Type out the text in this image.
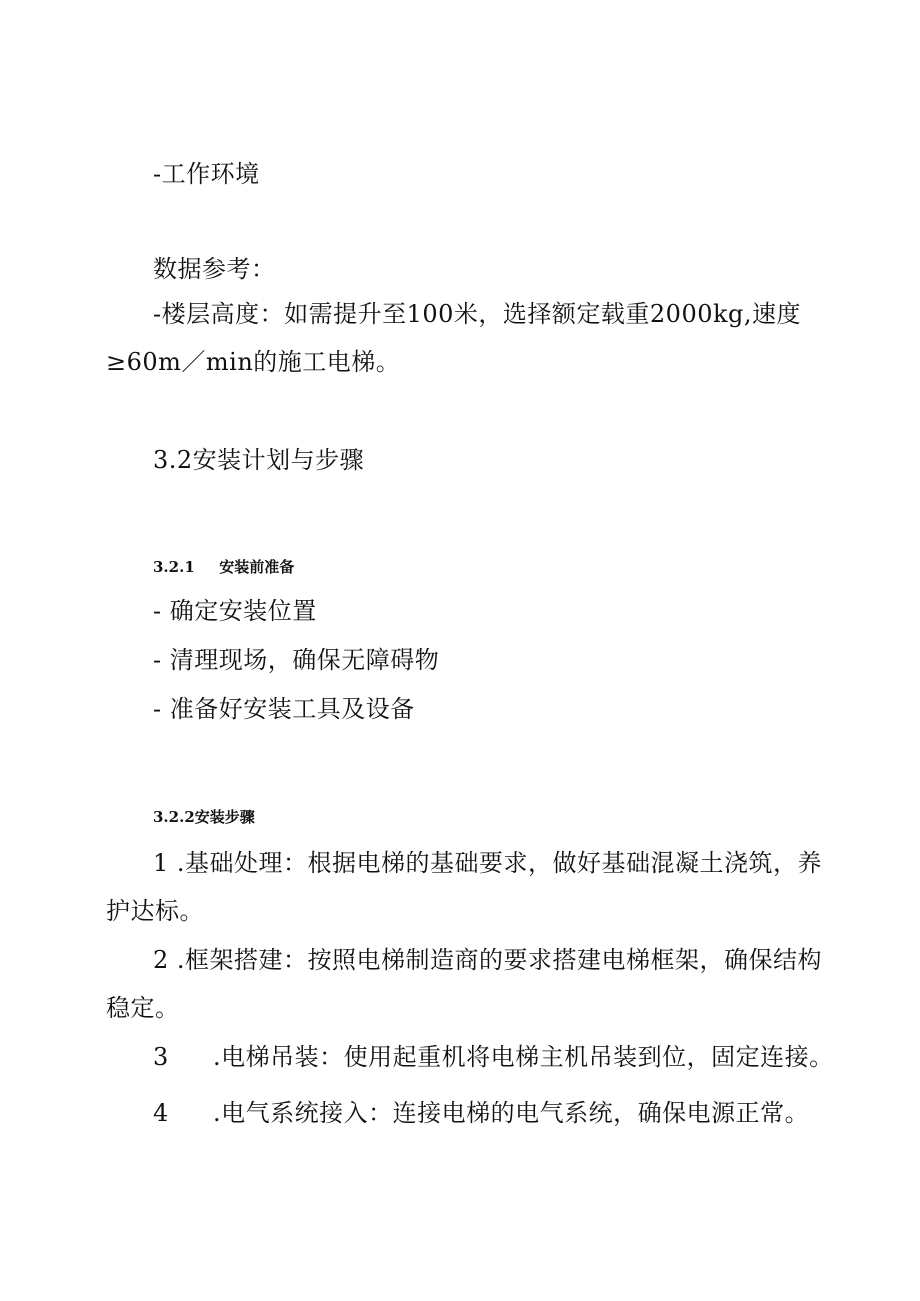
-工作环境
数据参考：
-楼层高度：如需提升至100米，选择额定载重2000kg,速度
≥60m／min的施工电梯。
3.2安装计划与步骤
3.2.1 安装前准备
- 确定安装位置
- 清理现场，确保无障碍物
- 准备好安装工具及设备
3.2.2安装步骤
1 .基础处理：根据电梯的基础要求，做好基础混凝土浇筑，养
护达标。
2 .框架搭建：按照电梯制造商的要求搭建电梯框架，确保结构
稳定。
3 .电梯吊装：使用起重机将电梯主机吊装到位，固定连接。
4 .电气系统接入：连接电梯的电气系统，确保电源正常。
